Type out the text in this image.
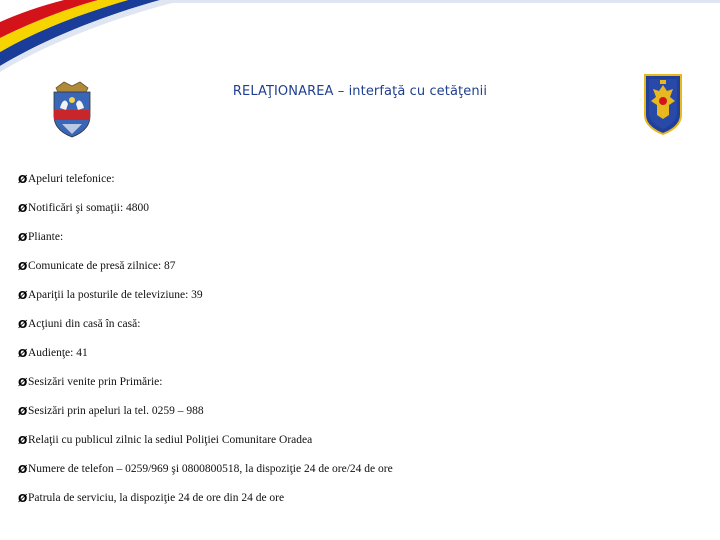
RELAŢIONAREA – interfaţă cu cetăţenii
Ø Apeluri telefonice:
Ø Notificări şi somaţii: 4800
Ø Pliante:
Ø Comunicate de presă zilnice: 87
Ø Apariţii la posturile de televiziune: 39
Ø Acţiuni din casă în casă:
Ø Audienţe: 41
Ø Sesizări venite prin Primărie:
Ø Sesizări prin apeluri la tel. 0259 – 988
Ø Relaţii cu publicul zilnic la sediul Poliţiei Comunitare Oradea
Ø Numere de telefon – 0259/969 şi 0800800518, la dispoziţie 24 de ore/24 de ore
Ø Patrula de serviciu, la dispoziţie 24 de ore din 24 de ore
